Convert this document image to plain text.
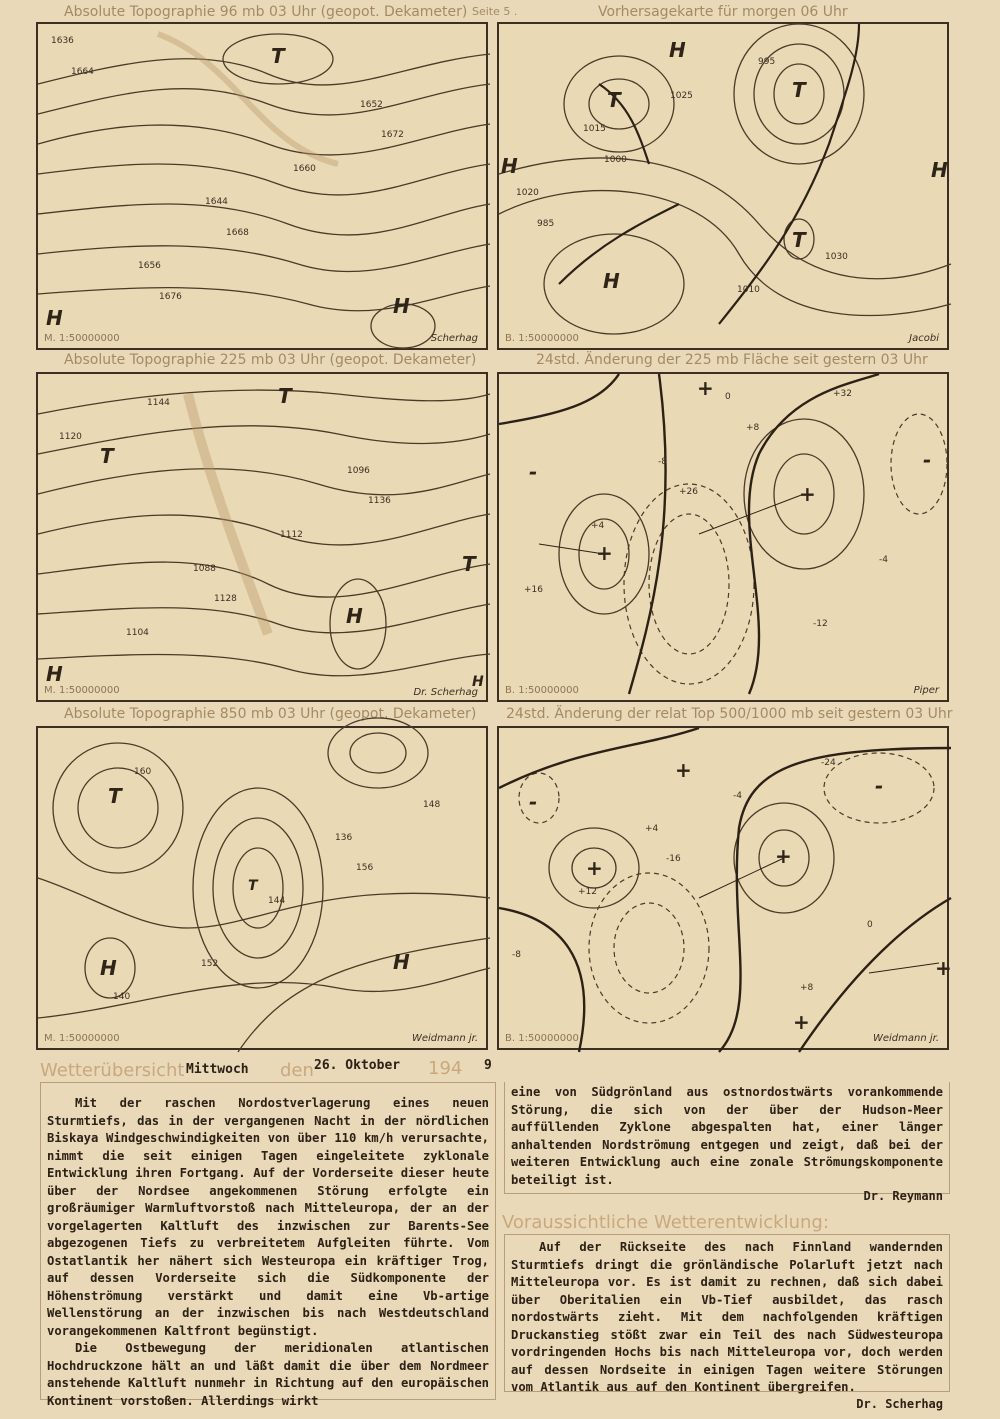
Absolute Topographie 96 mb 03 Uhr (geopot. Dekameter) Seite 5 .	Vorhersagekarte für morgen 06 Uhr
T
H	H
M. 1:50000000	Scherhag
1636
1644
1652
1656
1660
1664
1668
1672
1676
H
T	T
H	H
T
H
B. 1:50000000	Jacobi
1015
1010
1020
1025
1030
1000
995
985
Absolute Topographie 225 mb 03 Uhr (geopot. Dekameter)	24std. Änderung der 225 mb Fläche seit gestern 03 Uhr
T
T
H
T
H	H
M. 1:50000000	Dr. Scherhag
1088
1096
1104
1112
1120
1128
1136
1144
+
-
+
-
+
B. 1:50000000	Piper
0
-4
-8
-12
+4
+8
+16
+26
+32
Absolute Topographie 850 mb 03 Uhr (geopot. Dekameter) 24std. Änderung der relat Top 500/1000 mb seit gestern 03 Uhr
T
T
H	H
M. 1:50000000	Weidmann jr.
136
140
144
148
152
156
160	+
-
+	+
-
+
+
B. 1:50000000	Weidmann jr.
0
+4
+8
+12
-4
-8
-16
-24
Wetterübersicht Mittwoch den 26. Oktober 194 9

Mit der raschen Nordostverlagerung eines neuen Sturmtiefs, das in der vergangenen Nacht in der nördlichen Biskaya Windgeschwindigkeiten von über 110 km/h verursachte, nimmt die seit einigen Tagen eingeleitete zyklonale Entwicklung ihren Fortgang. Auf der Vorderseite dieser heute über der Nordsee angekommenen Störung erfolgte ein großräumiger Warmluftvorstoß nach Mitteleuropa, der an der vorgelagerten Kaltluft des inzwischen zur Barents-See abgezogenen Tiefs zu verbreitetem Aufgleiten führte. Vom Ostatlantik her nähert sich Westeuropa ein kräftiger Trog, auf dessen Vorderseite sich die Südkomponente der Höhenströmung verstärkt und damit eine Vb-artige Wellenstörung an der inzwischen bis nach Westdeutschland vorangekommenen Kaltfront begünstigt.

Die Ostbewegung der meridionalen atlantischen Hochdruckzone hält an und läßt damit die über dem Nordmeer anstehende Kaltluft nunmehr in Richtung auf den europäischen Kontinent vorstoßen. Allerdings wirkt

eine von Südgrönland aus ostnordostwärts vorankommende Störung, die sich von der über der Hudson-Meer auffüllenden Zyklone abgespalten hat, einer länger anhaltenden Nordströmung entgegen und zeigt, daß bei der weiteren Entwicklung auch eine zonale Strömungskomponente beteiligt ist.

Dr. Reymann
Voraussichtliche Wetterentwicklung:

Auf der Rückseite des nach Finnland wandernden Sturmtiefs dringt die grönländische Polarluft jetzt nach Mitteleuropa vor. Es ist damit zu rechnen, daß sich dabei über Oberitalien ein Vb-Tief ausbildet, das rasch nordostwärts zieht. Mit dem nachfolgenden kräftigen Druckanstieg stößt zwar ein Teil des nach Südwesteuropa vordringenden Hochs bis nach Mitteleuropa vor, doch werden auf dessen Nordseite in einigen Tagen weitere Störungen vom Atlantik aus auf den Kontinent übergreifen.

Dr. Scherhag
